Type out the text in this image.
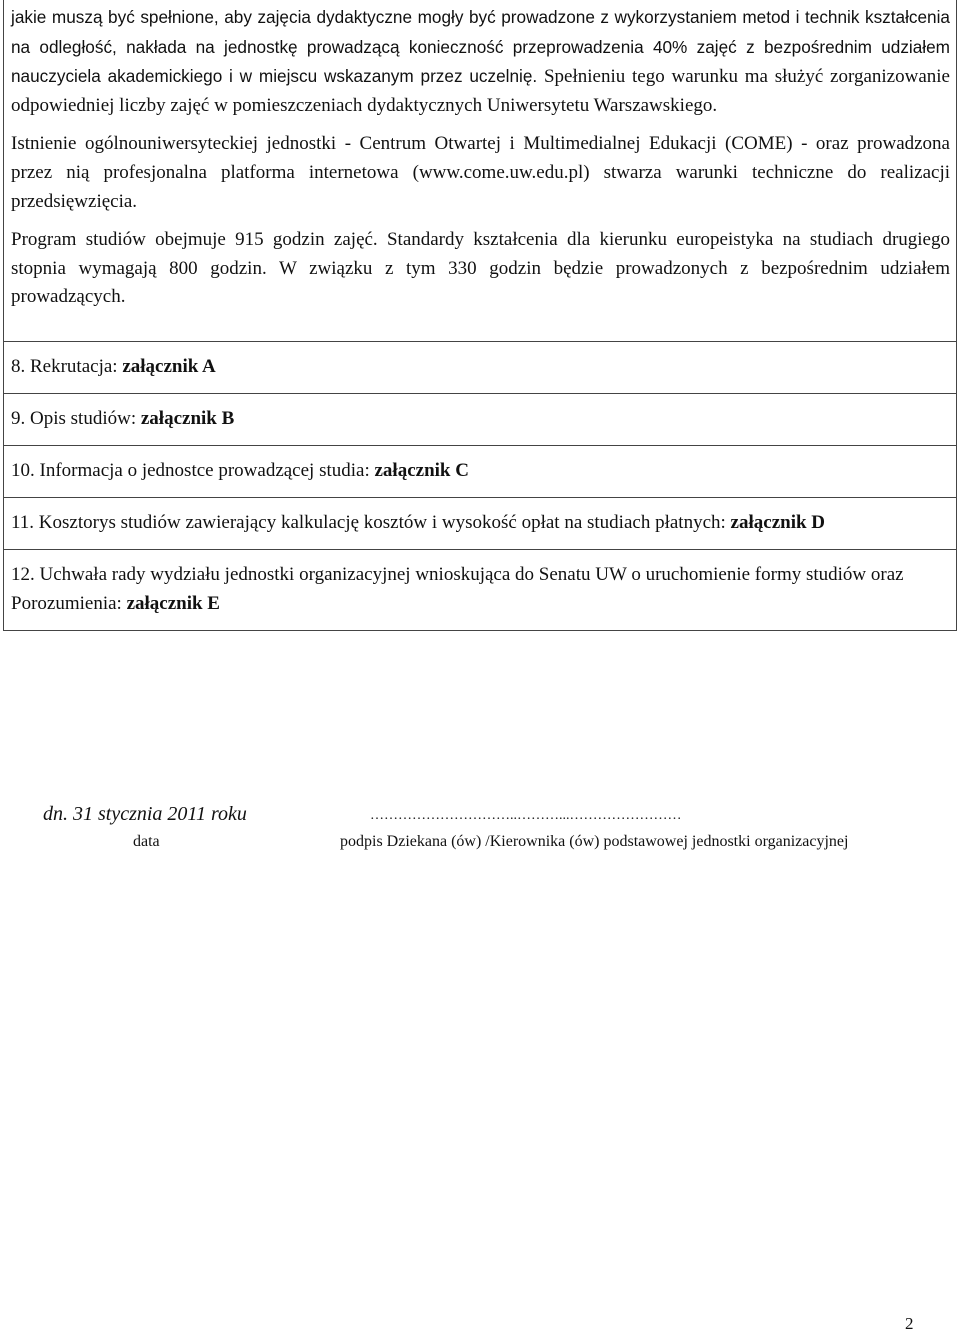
jakie muszą być spełnione, aby zajęcia dydaktyczne mogły być prowadzone z wykorzystaniem metod i technik kształcenia na odległość, nakłada na jednostkę prowadzącą konieczność przeprowadzenia 40% zajęć z bezpośrednim udziałem nauczyciela akademickiego i w miejscu wskazanym przez uczelnię. Spełnieniu tego warunku ma służyć zorganizowanie odpowiedniej liczby zajęć w pomieszczeniach dydaktycznych Uniwersytetu Warszawskiego.

Istnienie ogólnouniwersyteckiej jednostki - Centrum Otwartej i Multimedialnej Edukacji (COME) - oraz prowadzona przez nią profesjonalna platforma internetowa (www.come.uw.edu.pl) stwarza warunki techniczne do realizacji przedsięwzięcia.

Program studiów obejmuje 915 godzin zajęć. Standardy kształcenia dla kierunku europeistyka na studiach drugiego stopnia wymagają 800 godzin. W związku z tym 330 godzin będzie prowadzonych z bezpośrednim udziałem prowadzących.

8. Rekrutacja: załącznik A

9. Opis studiów: załącznik B

10. Informacja o jednostce prowadzącej studia: załącznik C

11. Kosztorys studiów zawierający kalkulację kosztów i wysokość opłat na studiach płatnych: załącznik D

12. Uchwała rady wydziału jednostki organizacyjnej wnioskująca do Senatu UW o uruchomienie formy studiów oraz Porozumienia: załącznik E

dn. 31 stycznia 2011 roku	…………………………..………...……………………
data	podpis Dziekana (ów) /Kierownika (ów) podstawowej jednostki organizacyjnej
2
